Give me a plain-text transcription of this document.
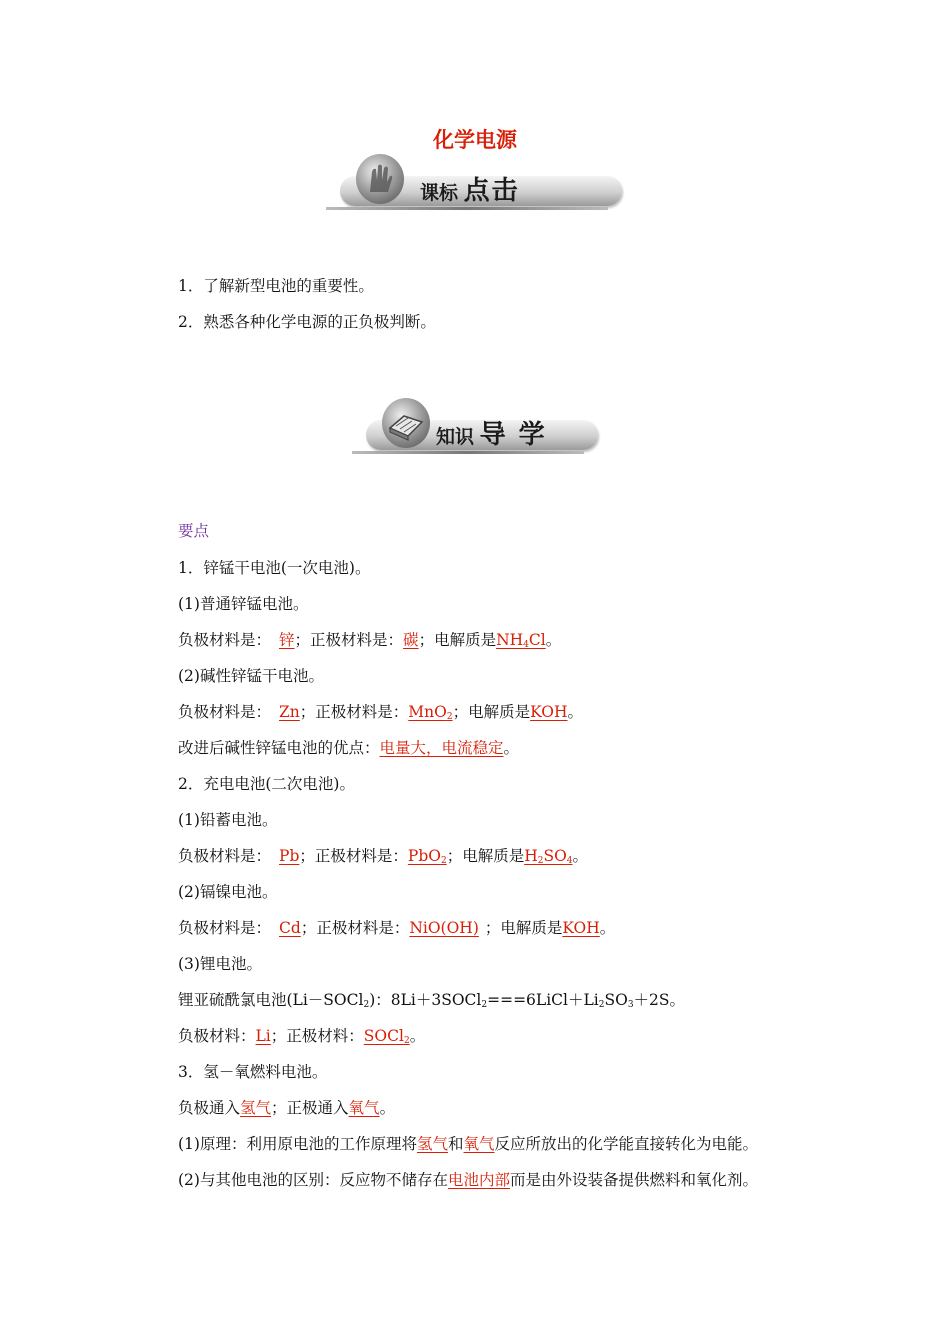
化学电源
课标 点击
1．了解新型电池的重要性。
2．熟悉各种化学电源的正负极判断。
知识 导 学
要点
1．锌锰干电池(一次电池)。
(1)普通锌锰电池。
负极材料是： 锌；正极材料是：碳；电解质是$NH_4Cl$。
(2)碱性锌锰干电池。
负极材料是： Zn；正极材料是：MnO$_2$；电解质是KOH。
改进后碱性锌锰电池的优点：电量大，电流稳定。
2．充电电池(二次电池)。
(1)铅蓄电池。
负极材料是： Pb；正极材料是：PbO$_2$；电解质是$H_2SO_4$。
(2)镉镍电池。
负极材料是： Cd；正极材料是：NiO(OH) ；电解质是KOH。
(3)锂电池。
锂亚硫酰氯电池(Li－SOCl$_2$)：$8Li+3SOCl_2===6LiCl+Li_2SO_3+2S$。
负极材料：Li；正极材料：SOCl$_2$。
3．氢－氧燃料电池。
负极通入氢气；正极通入氧气。
(1)原理：利用原电池的工作原理将氢气和氧气反应所放出的化学能直接转化为电能。
(2)与其他电池的区别：反应物不储存在电池内部而是由外设装备提供燃料和氧化剂。
